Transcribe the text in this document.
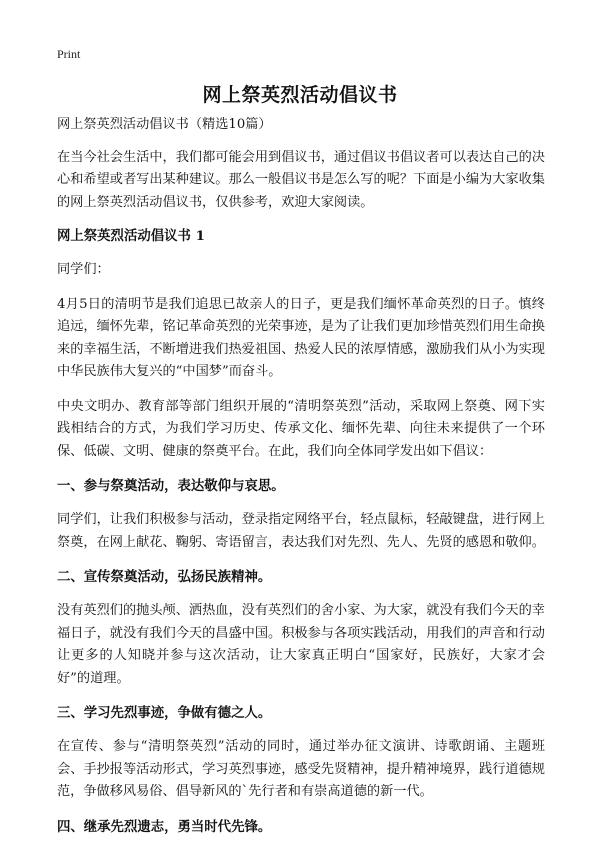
Print
网上祭英烈活动倡议书

网上祭英烈活动倡议书（精选10篇）

在当今社会生活中，我们都可能会用到倡议书，通过倡议书倡议者可以表达自己的决心和希望或者写出某种建议。那么一般倡议书是怎么写的呢？下面是小编为大家收集的网上祭英烈活动倡议书，仅供参考，欢迎大家阅读。

网上祭英烈活动倡议书 1

同学们：

4月5日的清明节是我们追思已故亲人的日子，更是我们缅怀革命英烈的日子。慎终追远，缅怀先辈，铭记革命英烈的光荣事迹，是为了让我们更加珍惜英烈们用生命换来的幸福生活，不断增进我们热爱祖国、热爱人民的浓厚情感，激励我们从小为实现中华民族伟大复兴的“中国梦”而奋斗。

中央文明办、教育部等部门组织开展的“清明祭英烈”活动，采取网上祭奠、网下实践相结合的方式，为我们学习历史、传承文化、缅怀先辈、向往未来提供了一个环保、低碳、文明、健康的祭奠平台。在此，我们向全体同学发出如下倡议：

一、参与祭奠活动，表达敬仰与哀思。

同学们，让我们积极参与活动，登录指定网络平台，轻点鼠标，轻敲键盘，进行网上祭奠，在网上献花、鞠躬、寄语留言，表达我们对先烈、先人、先贤的感恩和敬仰。

二、宣传祭奠活动，弘扬民族精神。

没有英烈们的抛头颅、洒热血，没有英烈们的舍小家、为大家，就没有我们今天的幸福日子，就没有我们今天的昌盛中国。积极参与各项实践活动，用我们的声音和行动让更多的人知晓并参与这次活动，让大家真正明白“国家好，民族好，大家才会好”的道理。

三、学习先烈事迹，争做有德之人。

在宣传、参与“清明祭英烈”活动的同时，通过举办征文演讲、诗歌朗诵、主题班会、手抄报等活动形式，学习英烈事迹，感受先贤精神，提升精神境界，践行道德规范，争做移风易俗、倡导新风的`先行者和有崇高道德的新一代。

四、继承先烈遗志，勇当时代先锋。
